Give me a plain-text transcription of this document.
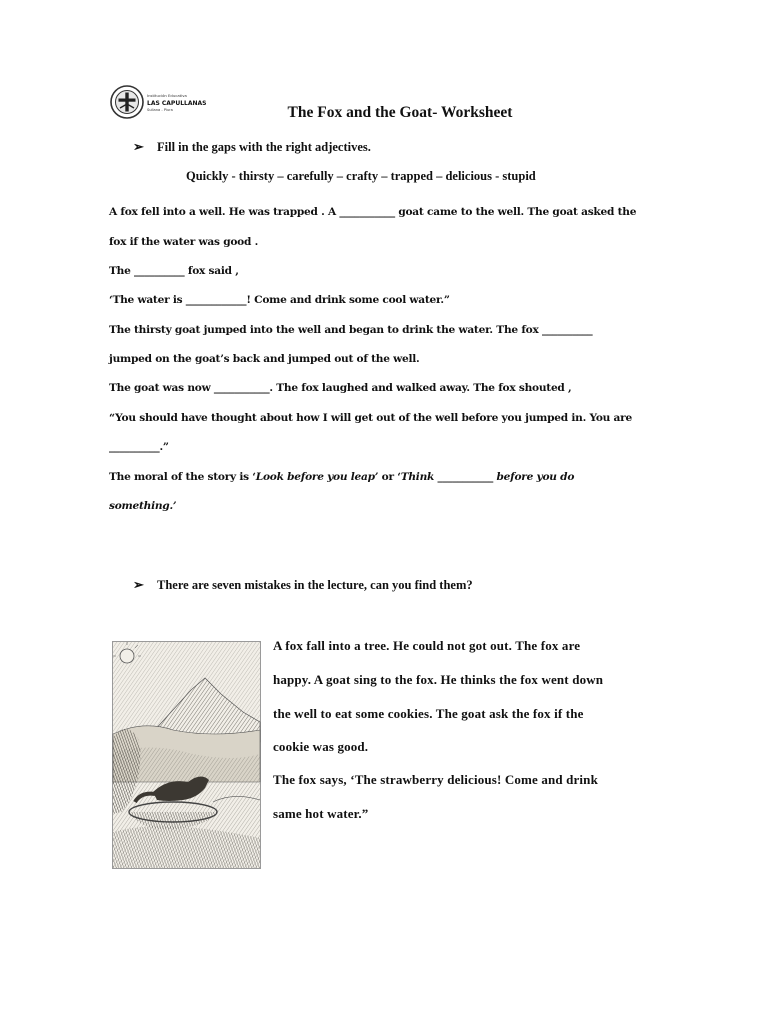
Institución Educativa
LAS CAPULLANAS
Sullana - Piura	The Fox and the Goat- Worksheet
➢ Fill in the gaps with the right adjectives.
Quickly - thirsty – carefully – crafty – trapped – delicious - stupid
A fox fell into a well. He was trapped . A ___________ goat came to the well. The goat asked the
fox if the water was good .
The __________ fox said ,
‘The water is ____________! Come and drink some cool water.”
The thirsty goat jumped into the well and began to drink the water. The fox __________
jumped on the goat’s back and jumped out of the well.
The goat was now ___________. The fox laughed and walked away. The fox shouted ,
“You should have thought about how I will get out of the well before you jumped in. You are
__________.”
The moral of the story is ‘Look before you leap’ or ‘Think ___________ before you do
something.’
➢ There are seven mistakes in the lecture, can you find them?
A fox fall into a tree. He could not got out. The fox are
happy. A goat sing to the fox. He thinks the fox went down
the well to eat some cookies. The goat ask the fox if the
cookie was good.
The fox says, ‘The strawberry delicious! Come and drink
same hot water.”
